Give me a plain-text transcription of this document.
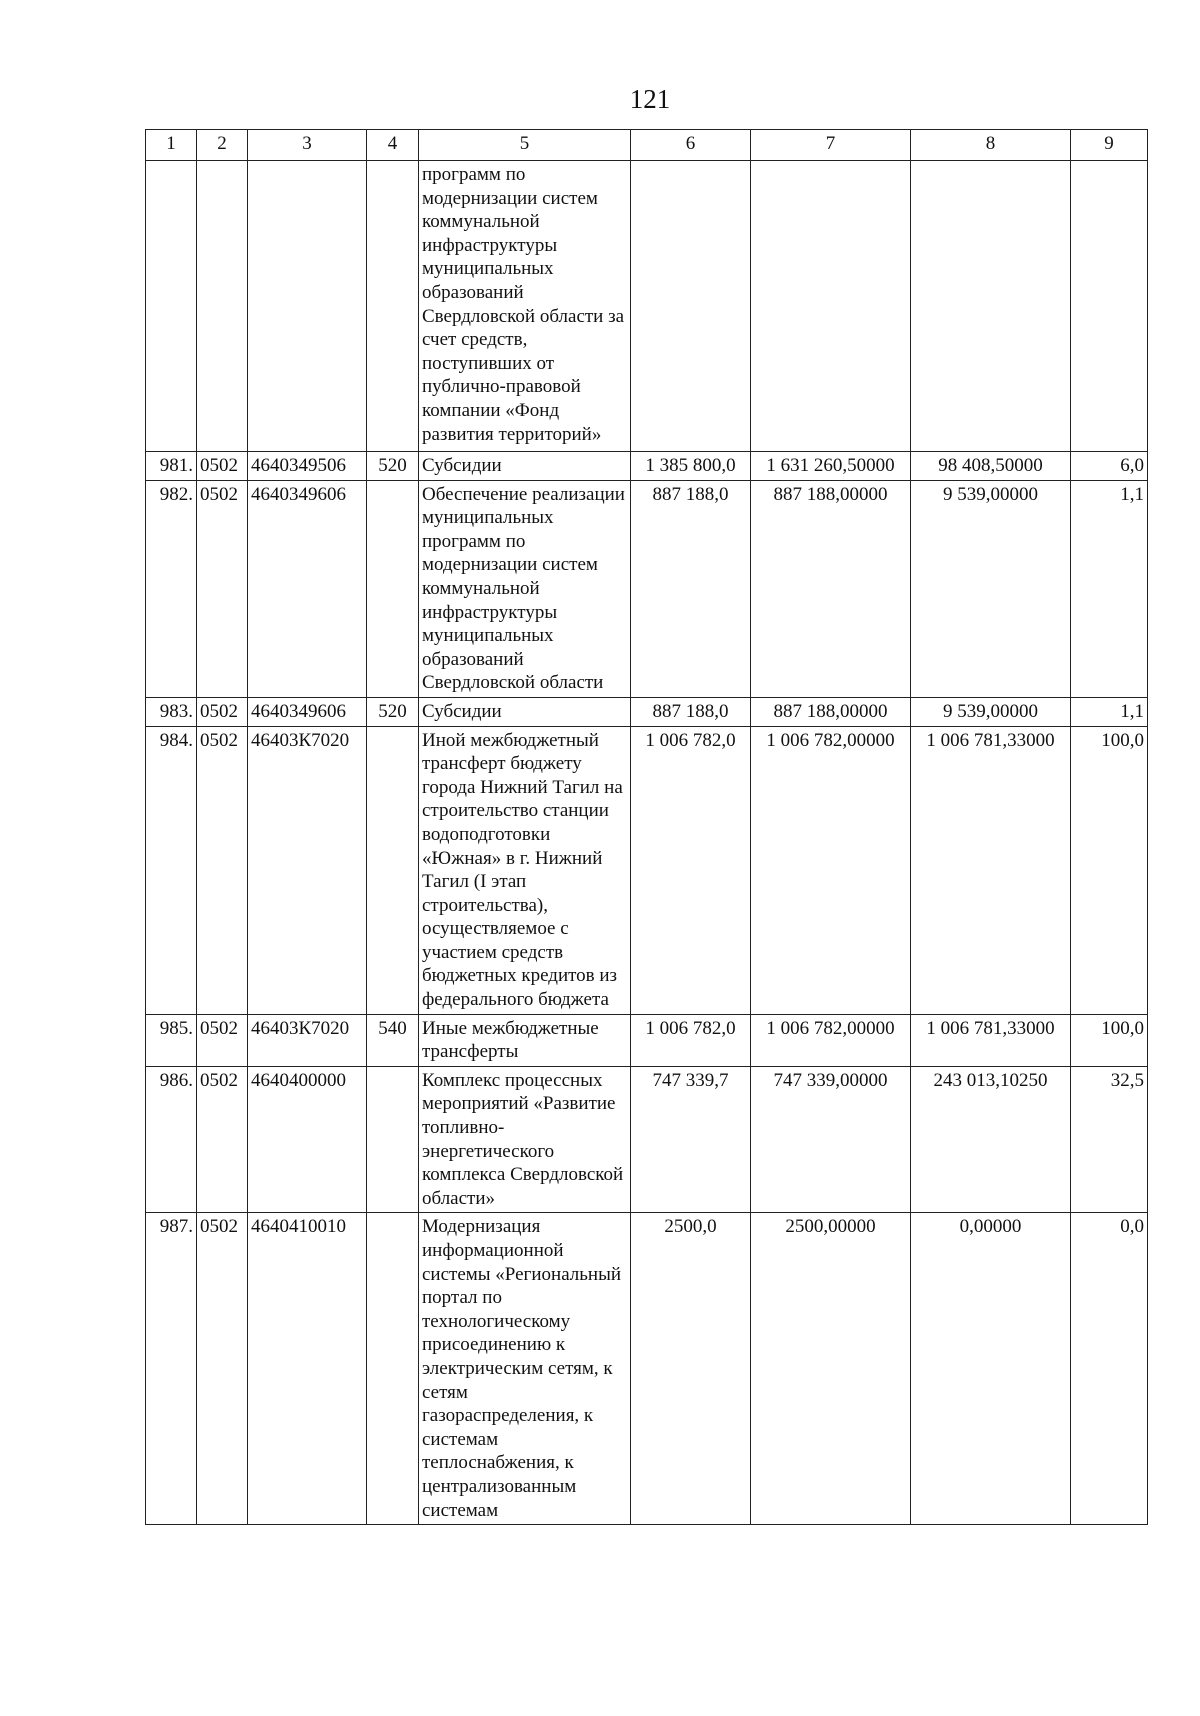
121
1	2	3	4	5	6	7	8	9
				программ по модернизации систем коммунальной инфраструктуры муниципальных образований Свердловской области за счет средств, поступивших от публично-правовой компании «Фонд развития территорий»				
981.	0502	4640349506	520	Субсидии	1 385 800,0	1 631 260,50000	98 408,50000	6,0
982.	0502	4640349606		Обеспечение реализации муниципальных программ по модернизации систем коммунальной инфраструктуры муниципальных образований Свердловской области	887 188,0	887 188,00000	9 539,00000	1,1
983.	0502	4640349606	520	Субсидии	887 188,0	887 188,00000	9 539,00000	1,1
984.	0502	46403К7020		Иной межбюджетный трансферт бюджету города Нижний Тагил на строительство станции водоподготовки «Южная» в г. Нижний Тагил (I этап строительства), осуществляемое с участием средств бюджетных кредитов из федерального бюджета	1 006 782,0	1 006 782,00000	1 006 781,33000	100,0
985.	0502	46403К7020	540	Иные межбюджетные трансферты	1 006 782,0	1 006 782,00000	1 006 781,33000	100,0
986.	0502	4640400000		Комплекс процессных мероприятий «Развитие топливно-энергетического комплекса Свердловской области»	747 339,7	747 339,00000	243 013,10250	32,5
987.	0502	4640410010		Модернизация информационной системы «Региональный портал по технологическому присоединению к электрическим сетям, к сетям газораспределения, к системам теплоснабжения, к централизованным системам	2500,0	2500,00000	0,00000	0,0
